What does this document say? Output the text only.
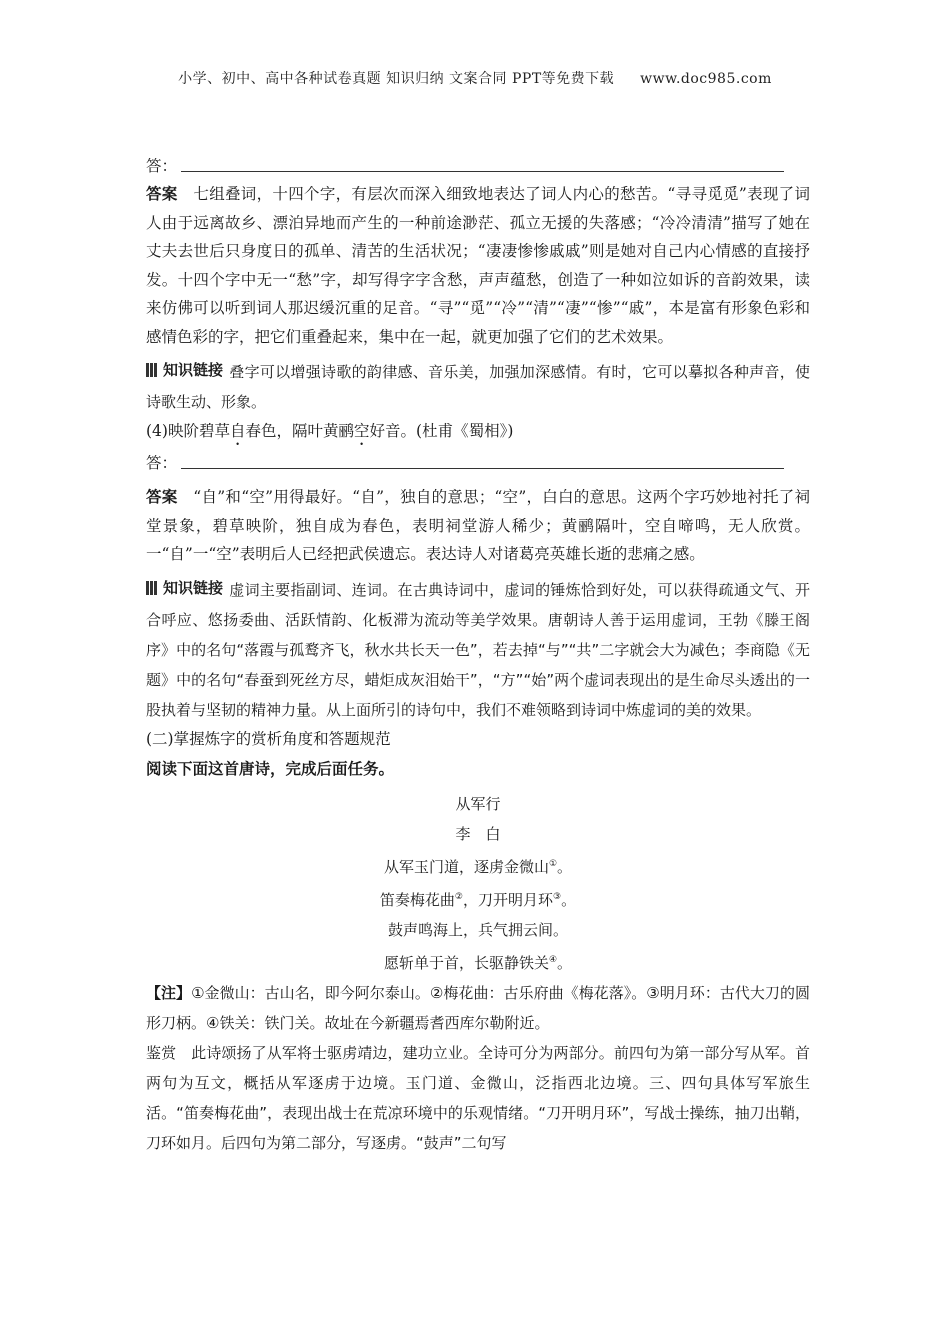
小学、初中、高中各种试卷真题 知识归纳 文案合同 PPT等免费下载 www.doc985.com
答：

答案　七组叠词，十四个字，有层次而深入细致地表达了词人内心的愁苦。“寻寻觅觅”表现了词人由于远离故乡、漂泊异地而产生的一种前途渺茫、孤立无援的失落感；“冷冷清清”描写了她在丈夫去世后只身度日的孤单、清苦的生活状况；“凄凄惨惨戚戚”则是她对自己内心情感的直接抒发。十四个字中无一“愁”字，却写得字字含愁，声声蕴愁，创造了一种如泣如诉的音韵效果，读来仿佛可以听到词人那迟缓沉重的足音。“寻”“觅”“冷”“清”“凄”“惨”“戚”，本是富有形象色彩和感情色彩的字，把它们重叠起来，集中在一起，就更加强了它们的艺术效果。

知识链接 叠字可以增强诗歌的韵律感、音乐美，加强加深感情。有时，它可以摹拟各种声音，使诗歌生动、形象。

(4)映阶碧草自春色，隔叶黄鹂空好音。(杜甫《蜀相》)

答：

答案　“自”和“空”用得最好。“自”，独自的意思；“空”，白白的意思。这两个字巧妙地衬托了祠堂景象，碧草映阶，独自成为春色，表明祠堂游人稀少；黄鹂隔叶，空自啼鸣，无人欣赏。一“自”一“空”表明后人已经把武侯遗忘。表达诗人对诸葛亮英雄长逝的悲痛之感。

知识链接 虚词主要指副词、连词。在古典诗词中，虚词的锤炼恰到好处，可以获得疏通文气、开合呼应、悠扬委曲、活跃情韵、化板滞为流动等美学效果。唐朝诗人善于运用虚词，王勃《滕王阁序》中的名句“落霞与孤鹜齐飞，秋水共长天一色”，若去掉“与”“共”二字就会大为减色；李商隐《无题》中的名句“春蚕到死丝方尽，蜡炬成灰泪始干”，“方”“始”两个虚词表现出的是生命尽头透出的一股执着与坚韧的精神力量。从上面所引的诗句中，我们不难领略到诗词中炼虚词的美的效果。

(二)掌握炼字的赏析角度和答题规范

阅读下面这首唐诗，完成后面任务。

从军行

李　白

从军玉门道，逐虏金微山①。

笛奏梅花曲②，刀开明月环③。

鼓声鸣海上，兵气拥云间。

愿斩单于首，长驱静铁关④。

【注】①金微山：古山名，即今阿尔泰山。②梅花曲：古乐府曲《梅花落》。③明月环：古代大刀的圆形刀柄。④铁关：铁门关。故址在今新疆焉耆西库尔勒附近。

鉴赏　此诗颂扬了从军将士驱虏靖边，建功立业。全诗可分为两部分。前四句为第一部分写从军。首两句为互文，概括从军逐虏于边境。玉门道、金微山，泛指西北边境。三、四句具体写军旅生活。“笛奏梅花曲”，表现出战士在荒凉环境中的乐观情绪。“刀开明月环”，写战士操练，抽刀出鞘，刀环如月。后四句为第二部分，写逐虏。“鼓声”二句写
